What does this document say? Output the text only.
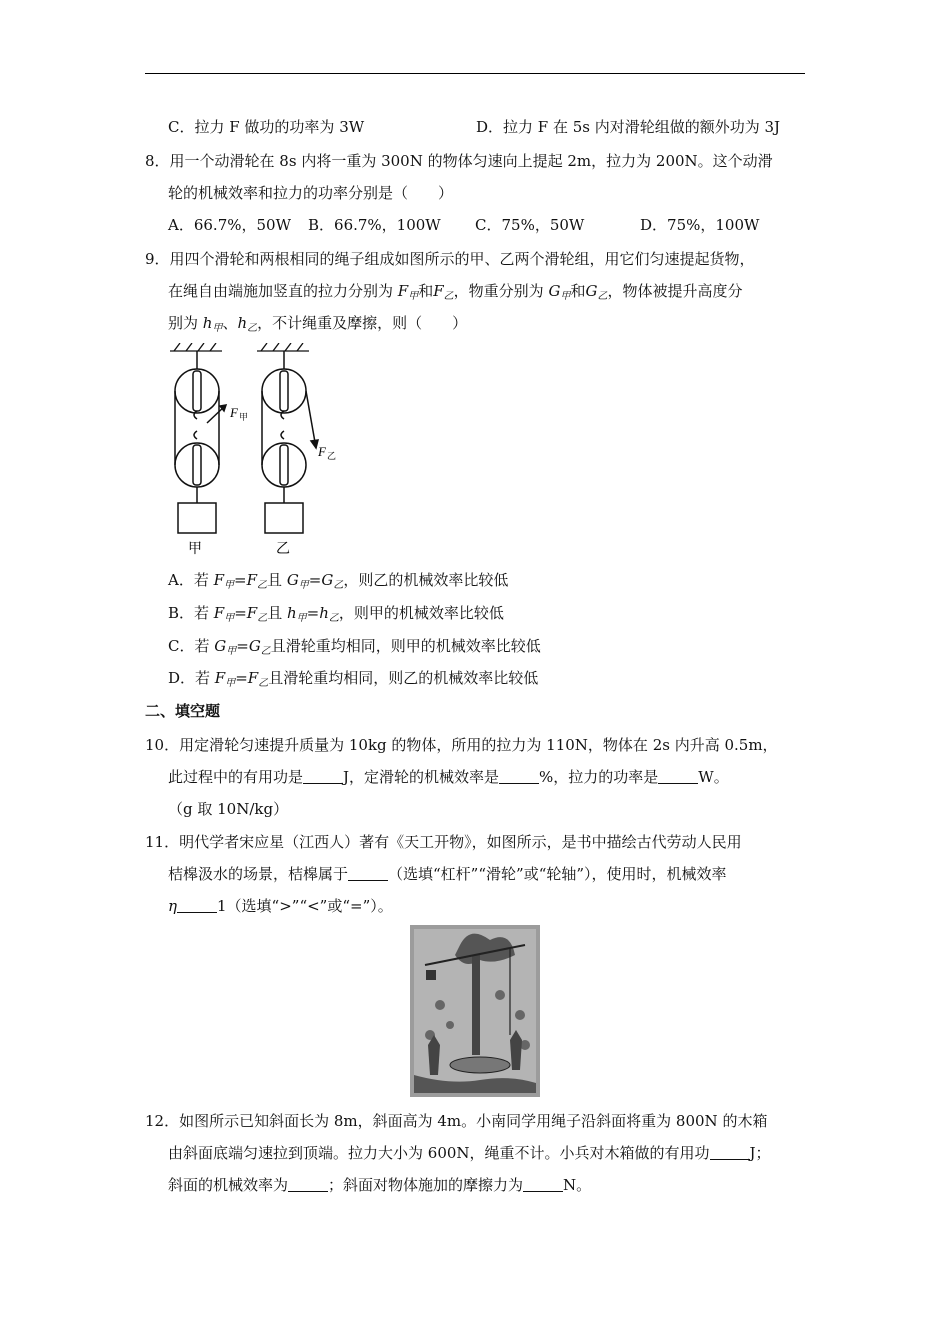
C．拉力 F 做功的功率为 3W	D．拉力 F 在 5s 内对滑轮组做的额外功为 3J
8．用一个动滑轮在 8s 内将一重为 300N 的物体匀速向上提起 2m，拉力为 200N。这个动滑
轮的机械效率和拉力的功率分别是（　　）
A．66.7%，50W B．66.7%，100W C．75%，50W	D．75%，100W
9．用四个滑轮和两根相同的绳子组成如图所示的甲、乙两个滑轮组，用它们匀速提起货物，
在绳自由端施加竖直的拉力分别为 $F_甲$和$F_乙$，物重分别为 $G_甲$和$G_乙$，物体被提升高度分
别为 $h_甲$、$h_乙$，不计绳重及摩擦，则（　　）
F 甲
甲
F 乙
乙
A．若 $F_甲=F_乙$且 $G_甲=G_乙$，则乙的机械效率比较低
B．若 $F_甲=F_乙$且 $h_甲=h_乙$，则甲的机械效率比较低
C．若 $G_甲=G_乙$且滑轮重均相同，则甲的机械效率比较低
D．若 $F_甲=F_乙$且滑轮重均相同，则乙的机械效率比较低
二、填空题
10．用定滑轮匀速提升质量为 10kg 的物体，所用的拉力为 110N，物体在 2s 内升高 0.5m，
此过程中的有用功是	J，定滑轮的机械效率是	%，拉力的功率是	W。
（g 取 10N/kg）
11．明代学者宋应星（江西人）著有《天工开物》，如图所示，是书中描绘古代劳动人民用
桔槔汲水的场景，桔槔属于	（选填“杠杆”“滑轮”或“轮轴”），使用时，机械效率
η	1（选填“>”“<”或“=”）。
12．如图所示已知斜面长为 8m，斜面高为 4m。小南同学用绳子沿斜面将重为 800N 的木箱
由斜面底端匀速拉到顶端。拉力大小为 600N，绳重不计。小兵对木箱做的有用功	J；
斜面的机械效率为	；斜面对物体施加的摩擦力为	N。
